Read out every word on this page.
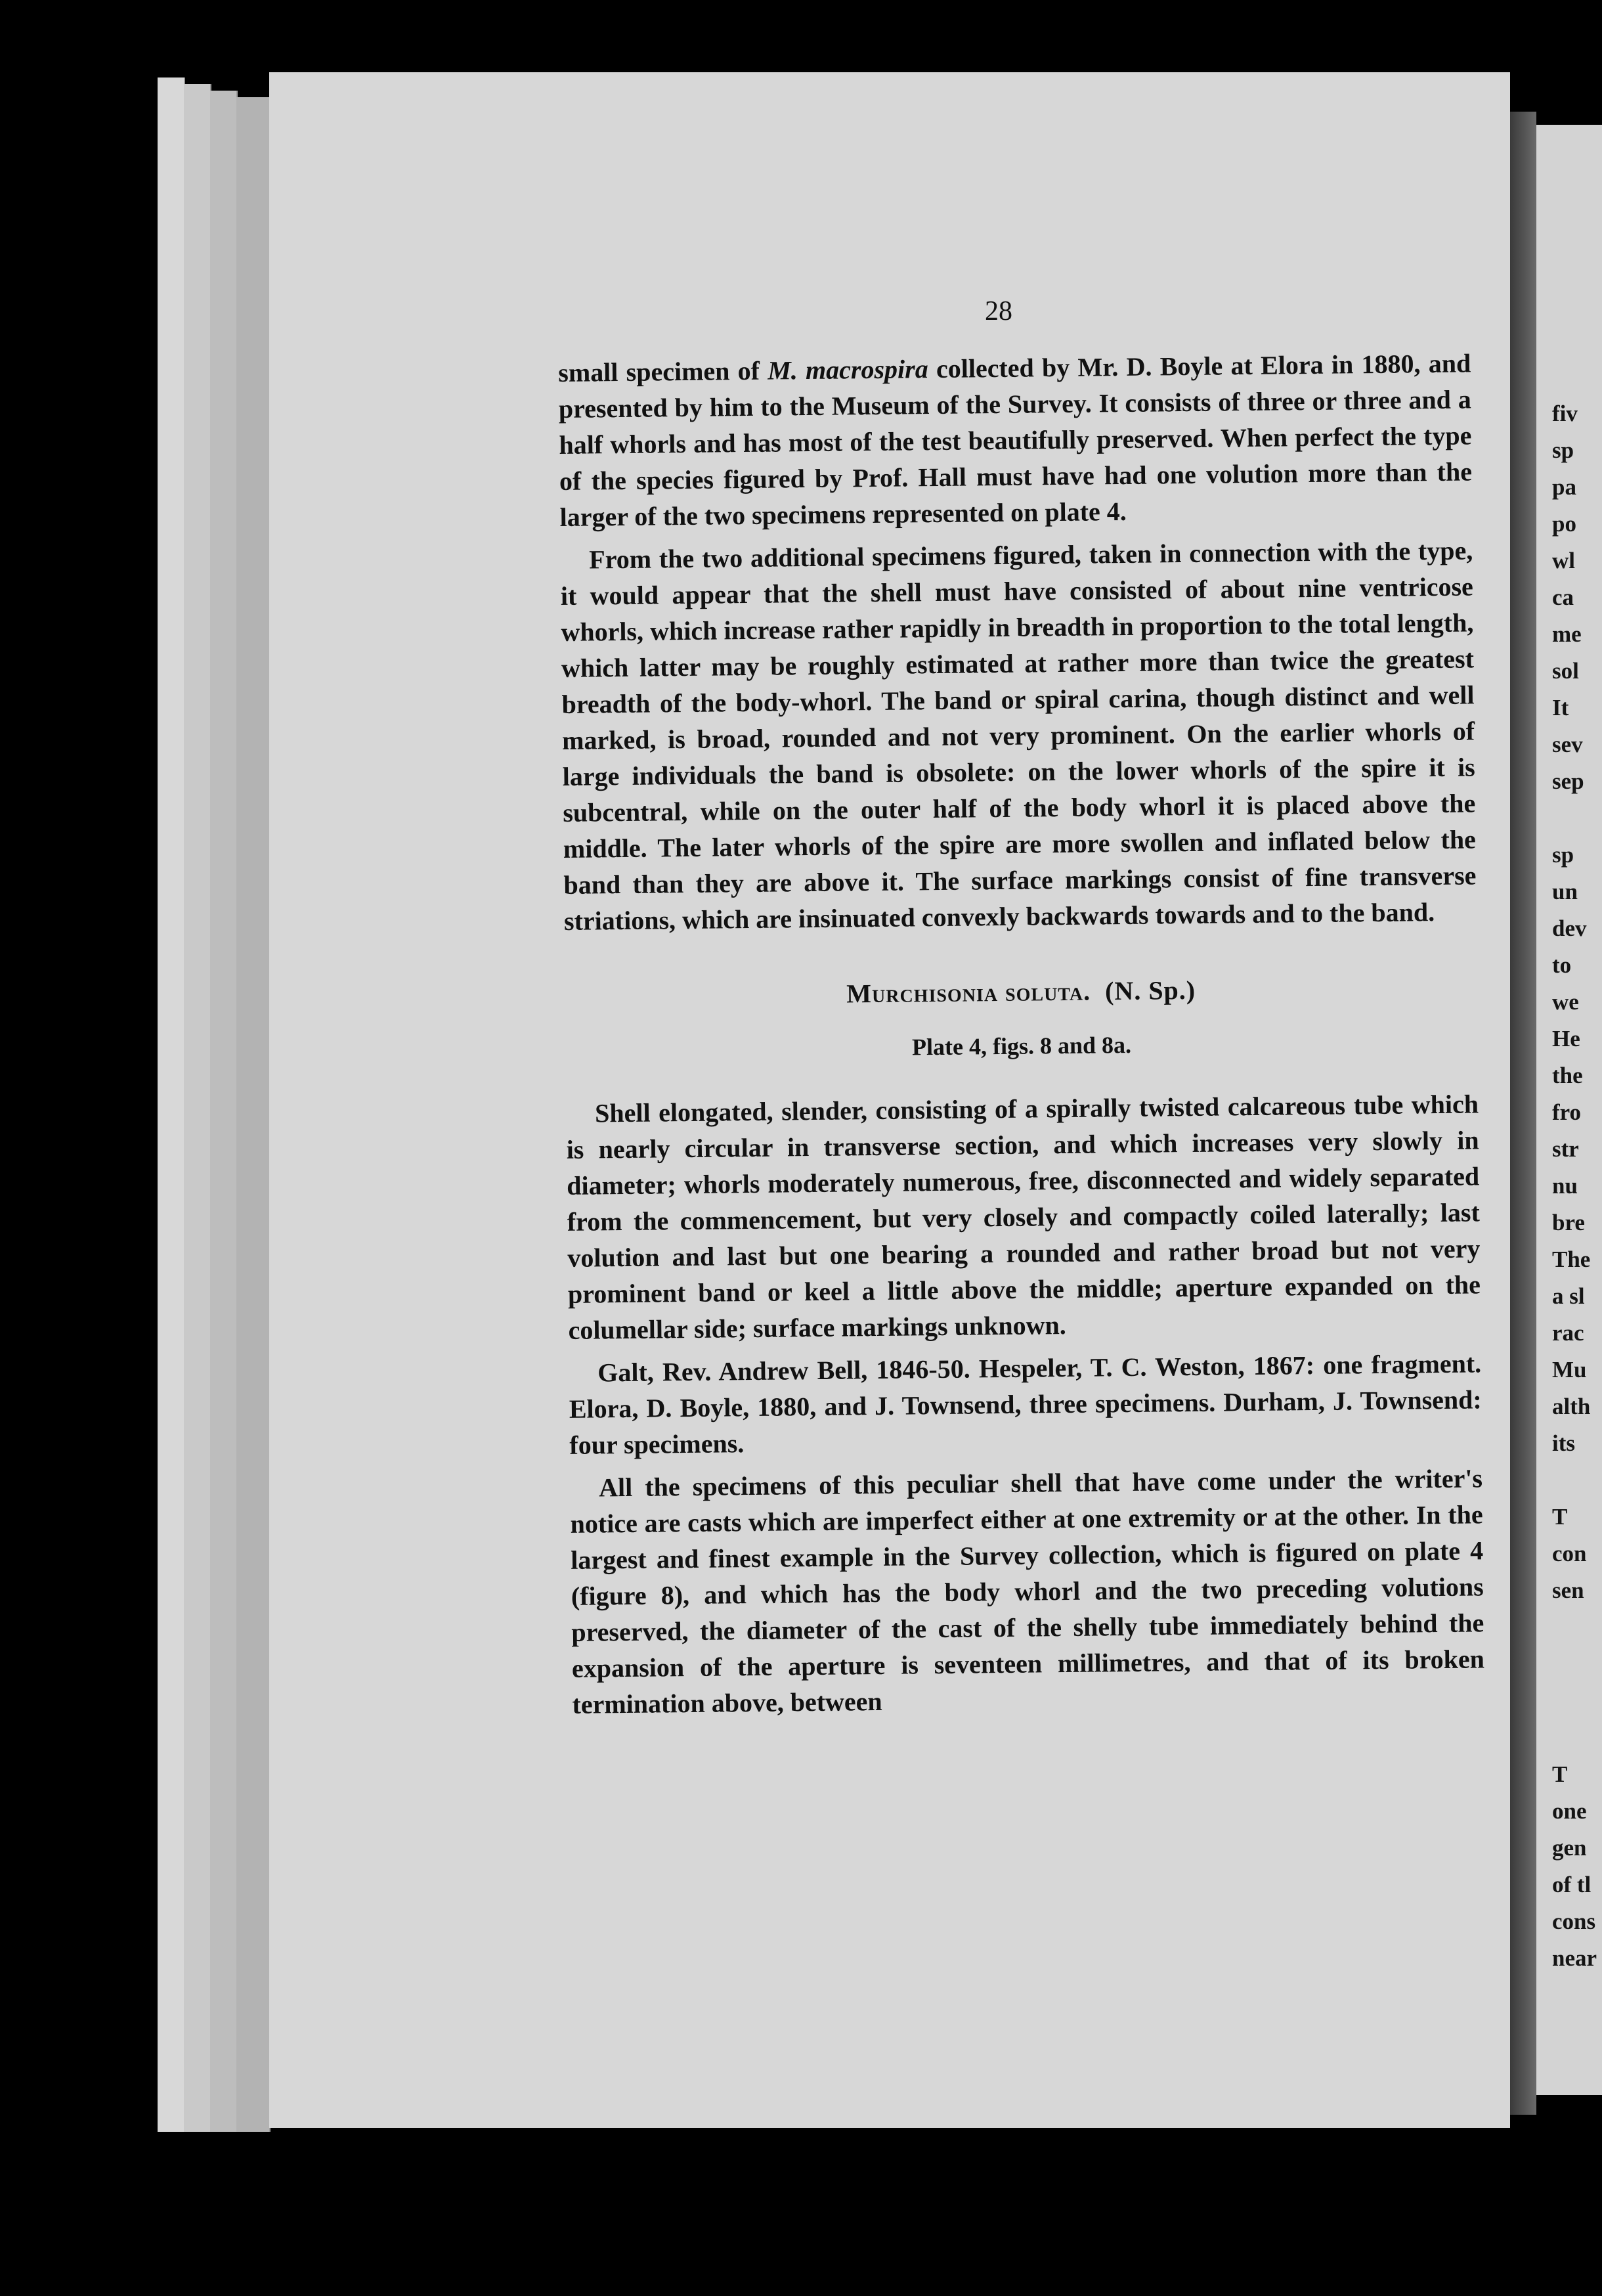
fiv
sp
pa
po
wl
ca
me
sol
It
sev
sep
sp
un
dev
to
we
He
the
fro
str
nu
bre
The
a sl
rac
Mu
alth
its
T
con
sen
T
one
gen
of tl
cons
near
28

small specimen of M. macrospira collected by Mr. D. Boyle at Elora in 1880, and presented by him to the Museum of the Survey. It consists of three or three and a half whorls and has most of the test beautifully preserved. When perfect the type of the species figured by Prof. Hall must have had one volution more than the larger of the two specimens represented on plate 4.

From the two additional specimens figured, taken in connection with the type, it would appear that the shell must have consisted of about nine ventricose whorls, which increase rather rapidly in breadth in proportion to the total length, which latter may be roughly estimated at rather more than twice the greatest breadth of the body-whorl. The band or spiral carina, though distinct and well marked, is broad, rounded and not very prominent. On the earlier whorls of large individuals the band is obsolete: on the lower whorls of the spire it is subcentral, while on the outer half of the body whorl it is placed above the middle. The later whorls of the spire are more swollen and inflated below the band than they are above it. The surface markings consist of fine transverse striations, which are insinuated convexly backwards towards and to the band.

Murchisonia soluta. (N. Sp.)
Plate 4, figs. 8 and 8a.

Shell elongated, slender, consisting of a spirally twisted calcareous tube which is nearly circular in transverse section, and which increases very slowly in diameter; whorls moderately numerous, free, disconnected and widely separated from the commencement, but very closely and compactly coiled laterally; last volution and last but one bearing a rounded and rather broad but not very prominent band or keel a little above the middle; aperture expanded on the columellar side; surface markings unknown.

Galt, Rev. Andrew Bell, 1846-50. Hespeler, T. C. Weston, 1867: one fragment. Elora, D. Boyle, 1880, and J. Townsend, three specimens. Durham, J. Townsend: four specimens.

All the specimens of this peculiar shell that have come under the writer's notice are casts which are imperfect either at one extremity or at the other. In the largest and finest example in the Survey collection, which is figured on plate 4 (figure 8), and which has the body whorl and the two preceding volutions preserved, the diameter of the cast of the shelly tube immediately behind the expansion of the aperture is seventeen millimetres, and that of its broken termination above, between
